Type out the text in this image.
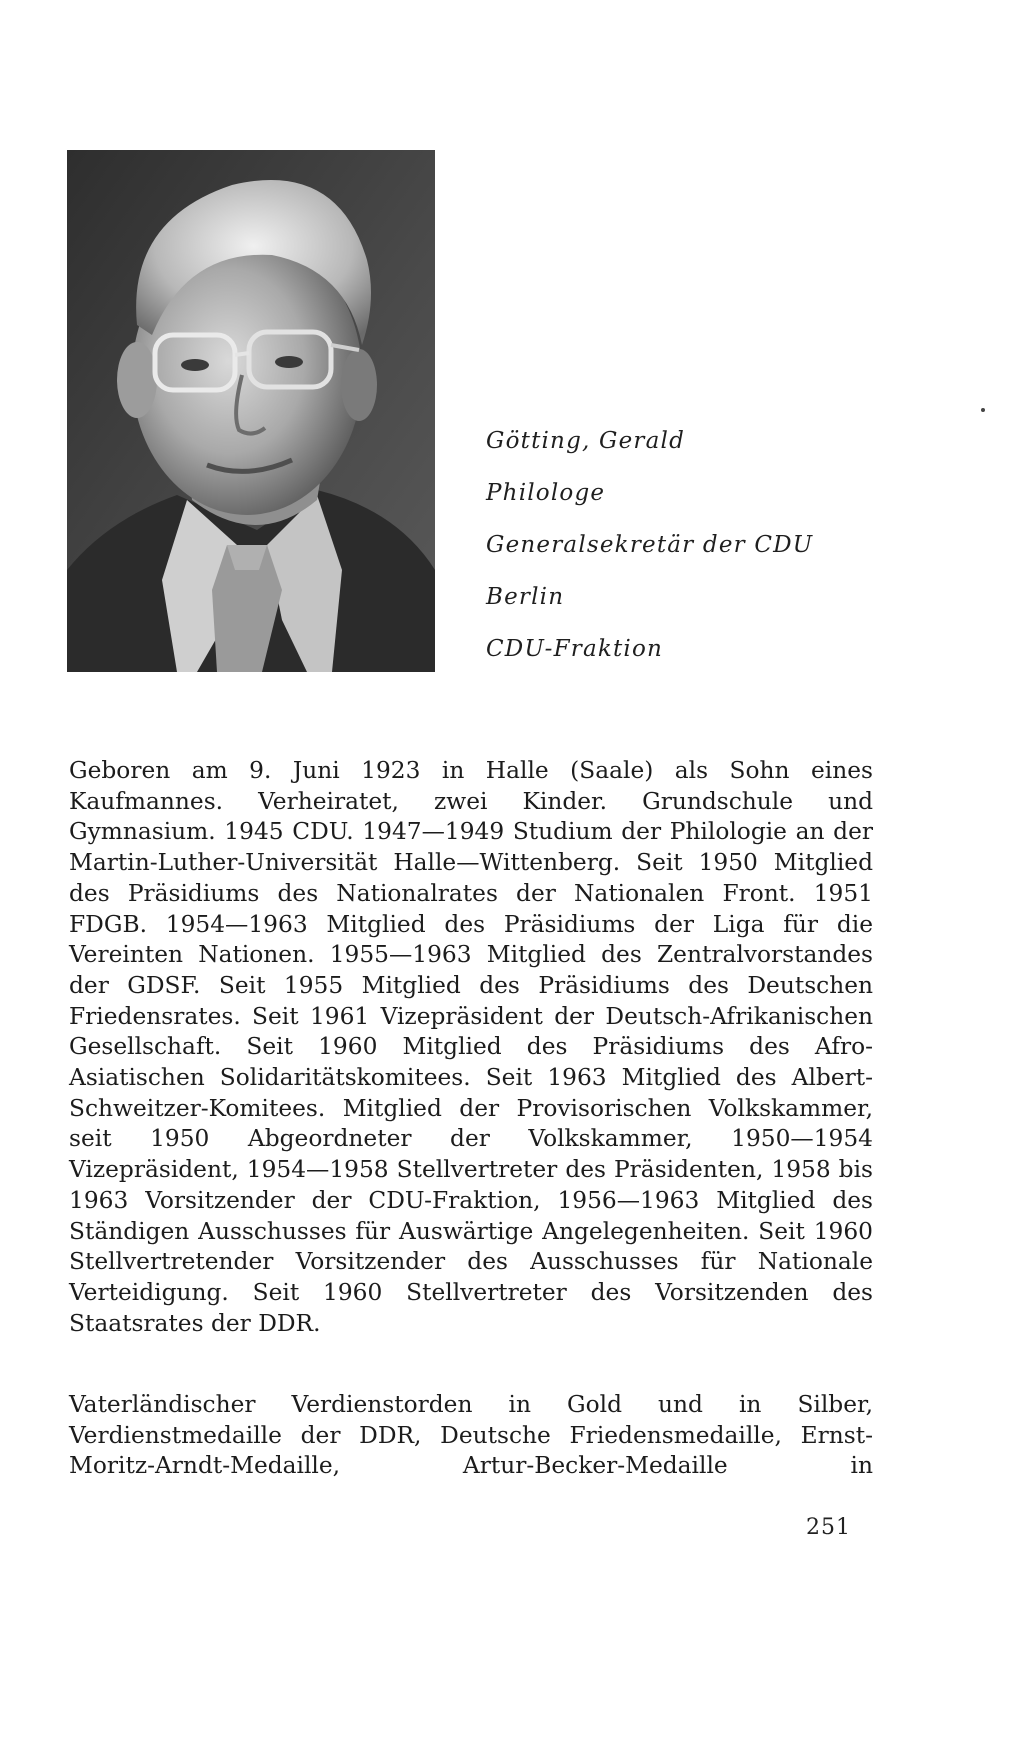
Götting, Gerald
Philologe
Generalsekretär der CDU
Berlin
CDU-Fraktion

Geboren am 9. Juni 1923 in Halle (Saale) als Sohn eines Kaufmannes. Verheiratet, zwei Kinder. Grundschule und Gymnasium. 1945 CDU. 1947—1949 Studium der Philologie an der Martin-Luther-Universität Halle—Wittenberg. Seit 1950 Mitglied des Präsidiums des Nationalrates der Nationalen Front. 1951 FDGB. 1954—1963 Mitglied des Präsidiums der Liga für die Vereinten Nationen. 1955—1963 Mitglied des Zentralvorstandes der GDSF. Seit 1955 Mitglied des Präsidiums des Deutschen Friedensrates. Seit 1961 Vizepräsident der Deutsch-Afrikanischen Gesellschaft. Seit 1960 Mitglied des Präsidiums des Afro-Asiatischen Solidaritätskomitees. Seit 1963 Mitglied des Albert-Schweitzer-Komitees. Mitglied der Provisorischen Volkskammer, seit 1950 Abgeordneter der Volkskammer, 1950—1954 Vizepräsident, 1954—1958 Stellvertreter des Präsidenten, 1958 bis 1963 Vorsitzender der CDU-Fraktion, 1956—1963 Mitglied des Ständigen Ausschusses für Auswärtige Angelegenheiten. Seit 1960 Stellvertretender Vorsitzender des Ausschusses für Nationale Verteidigung. Seit 1960 Stellvertreter des Vorsitzenden des Staatsrates der DDR.

Vaterländischer Verdienstorden in Gold und in Silber, Verdienstmedaille der DDR, Deutsche Friedensmedaille, Ernst-Moritz-Arndt-Medaille, Artur-Becker-Medaille in

251
